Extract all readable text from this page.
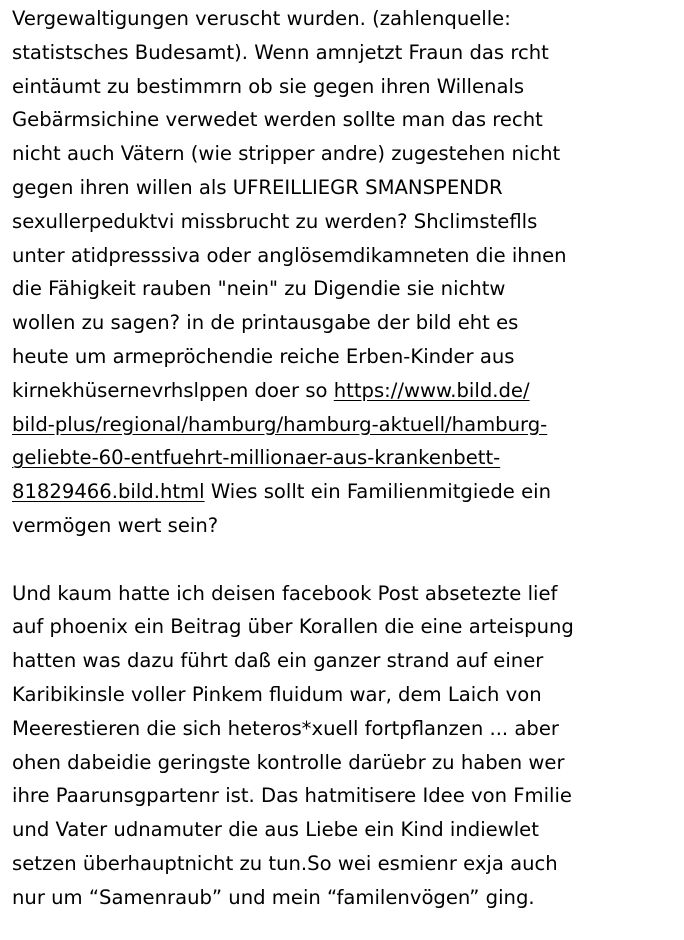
Vergewaltigungen veruscht wurden. (zahlenquelle:
statistsches Budesamt). Wenn amnjetzt Fraun das rcht
eintäumt zu bestimmrn ob sie gegen ihren Willenals
Gebärmsichine verwedet werden sollte man das recht
nicht auch Vätern (wie stripper andre) zugestehen nicht
gegen ihren willen als UFREILLIEGR SMANSPENDR
sexullerpeduktvi missbrucht zu werden? Shclimsteflls
unter atidpresssiva oder anglösemdikamneten die ihnen
die Fähigkeit rauben "nein" zu Digendie sie nichtw
wollen zu sagen? in de printausgabe der bild eht es
heute um armepröchendie reiche Erben-Kinder aus
kirnekhüsernevrhslppen doer so https://www.bild.de/
bild-plus/regional/hamburg/hamburg-aktuell/hamburg-
geliebte-60-entfuehrt-millionaer-aus-krankenbett-
81829466.bild.html Wies sollt ein Familienmitgiede ein
vermögen wert sein?
Und kaum hatte ich deisen facebook Post absetezte lief
auf phoenix ein Beitrag über Korallen die eine arteispung
hatten was dazu führt daß ein ganzer strand auf einer
Karibikinsle voller Pinkem fluidum war, dem Laich von
Meerestieren die sich heteros*xuell fortpflanzen ... aber
ohen dabeidie geringste kontrolle darüebr zu haben wer
ihre Paarunsgpartenr ist. Das hatmitisere Idee von Fmilie
und Vater udnamuter die aus Liebe ein Kind indiewlet
setzen überhauptnicht zu tun.So wei esmienr exja auch
nur um “Samenraub” und mein “familenvögen” ging.
